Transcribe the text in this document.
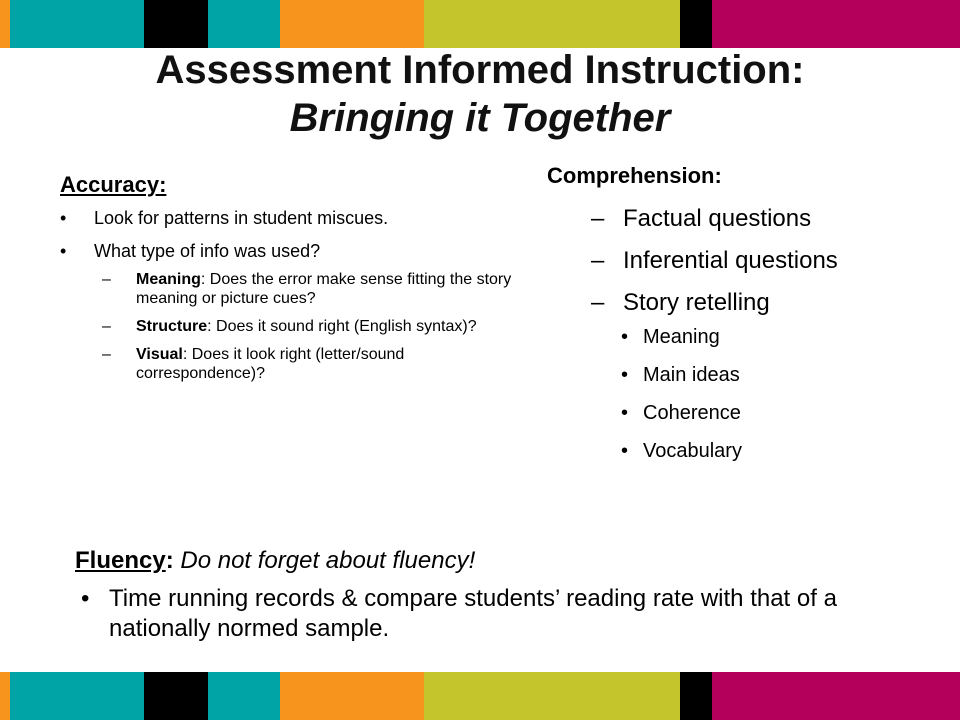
Assessment Informed Instruction:
Bringing it Together
Accuracy:
• Look for patterns in student miscues.
• What type of info was used?
– Meaning: Does the error make sense fitting the story meaning or picture cues?
– Structure: Does it sound right (English syntax)?
– Visual: Does it look right (letter/sound correspondence)?
Comprehension:
– Factual questions
– Inferential questions
– Story retelling
• Meaning
• Main ideas
• Coherence
• Vocabulary
Fluency: Do not forget about fluency!
• Time running records & compare students’ reading rate with that of a nationally normed sample.
